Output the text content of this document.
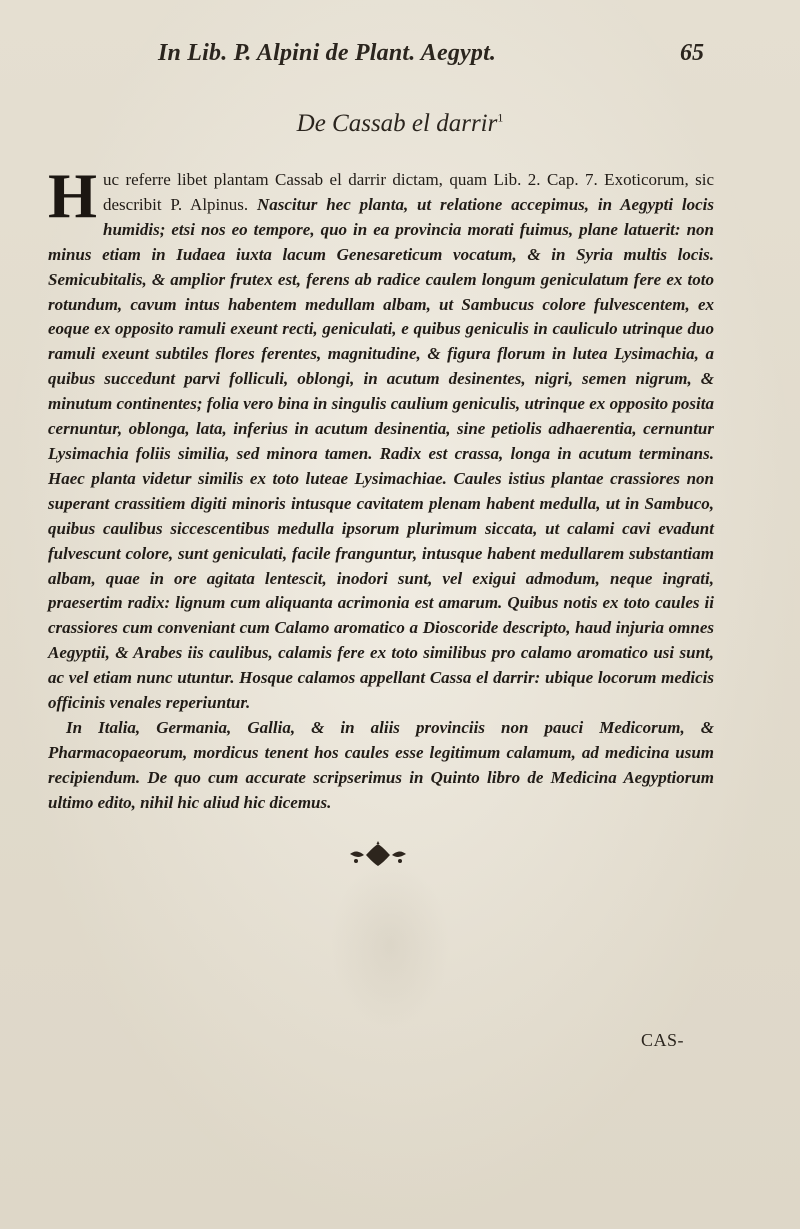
In Lib. P. Alpini de Plant. Aegypt.	65
De Cassab el darrir$^1$
H uc referre libet plantam Cassab el darrir dictam, quam Lib. 2. Cap. 7. Exoticorum, sic describit P. Alpinus. Nascitur hec planta, ut relatione accepimus, in Aegypti locis humidis; etsi nos eo tempore, quo in ea provincia morati fuimus, plane latuerit: non minus etiam in Iudaea iuxta lacum Genesareticum vocatum, & in Syria multis locis. Semicubitalis, & amplior frutex est, ferens ab radice caulem longum geniculatum fere ex toto rotundum, cavum intus habentem medullam albam, ut Sambucus colore fulvescentem, ex eoque ex opposito ramuli exeunt recti, geniculati, e quibus geniculis in cauliculo utrinque duo ramuli exeunt subtiles flores ferentes, magnitudine, & figura florum in lutea Lysimachia, a quibus succedunt parvi folliculi, oblongi, in acutum desinentes, nigri, semen nigrum, & minutum continentes; folia vero bina in singulis caulium geniculis, utrinque ex opposito posita cernuntur, oblonga, lata, inferius in acutum desinentia, sine petiolis adhaerentia, cernuntur Lysimachia foliis similia, sed minora tamen. Radix est crassa, longa in acutum terminans. Haec planta videtur similis ex toto luteae Lysimachiae. Caules istius plantae crassiores non superant crassitiem digiti minoris intusque cavitatem plenam habent medulla, ut in Sambuco, quibus caulibus siccescentibus medulla ipsorum plurimum siccata, ut calami cavi evadunt fulvescunt colore, sunt geniculati, facile franguntur, intusque habent medullarem substantiam albam, quae in ore agitata lentescit, inodori sunt, vel exigui admodum, neque ingrati, praesertim radix: lignum cum aliquanta acrimonia est amarum. Quibus notis ex toto caules ii crassiores cum conveniant cum Calamo aromatico a Dioscoride descripto, haud injuria omnes Aegyptii, & Arabes iis caulibus, calamis fere ex toto similibus pro calamo aromatico usi sunt, ac vel etiam nunc utuntur. Hosque calamos appellant Cassa el darrir: ubique locorum medicis officinis venales reperiuntur.
In Italia, Germania, Gallia, & in aliis provinciis non pauci Medicorum, & Pharmacopaeorum, mordicus tenent hos caules esse legitimum calamum, ad medicina usum recipiendum. De quo cum accurate scripserimus in Quinto libro de Medicina Aegyptiorum ultimo edito, nihil hic aliud hic dicemus.
CAS-
